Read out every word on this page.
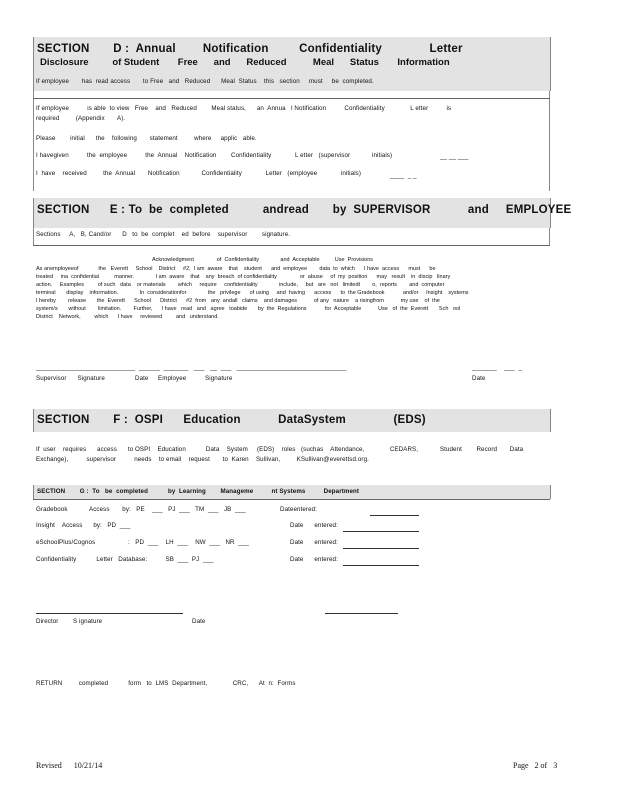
SECTION       D :  Annual        Notification         Confidentiality              Letter
Disclosure         of Student       Free      and      Reduced          Meal      Status       Information
If employee       has  read access       to Free   and   Reduced      Meal  Status    this   section     must     be  completed.
If employee          is able  to view   Free    and   Reduced        Meal status,      an  Annua   l Notification          Confidentiality              L etter          is
required         (Appendix       A).
Please        initial      the    following       statement         where     applic   able.
I havegiven          the  employee          the  Annual    Notification        Confidentiality             L etter   (supervisor            initials)	__ __ ___
I  have    received         the  Annual       Notification            Confidentiality             Letter   (employee             initials)	____  _ _
SECTION      E : To  be  completed          andread       by  SUPERVISOR           and     EMPLOYEE
Sections     A,   B, Cand/or      D   to  be  complet    ed  before    supervisor        signature.
Acknowledgment               of  Confidentiality              and  Acceptable          Use  Provisions
As anemployeeof             the   Everett     School    District     #2,  I am  aware    that    student      and  employee        data  to  which      I have  access      must      be
treated     ina  confidential          manner.              I am  aware    that    any  breach  of confidentiality               or  abuse     of  my  position      may   result    in  discip   linary
action.     Examples         of such   data    or materials        which     require     confidentiality              include,     but   are   not   limitedt        o,  reports        and  computer
terminal       display    information.              In  considerationfor              the   privilege      of using     and  having      access      to  the Gradebook            and/or     Insight    systems
I hereby        release       the  Everett      School      District      #2  from   any  andall   claims    and damages           of any   nature    a risingfrom           my use    of  the
system/s       without        limitation.        Further,      I have   read   and   agree   toabide       by  the  Regulations            for  Acceptable           Use   of  the  Everett       Sch   ool
District    Network,         which      I have     reviewed         and   understand.
____________________________  ______  _______   ___   __  ___   _______________________________	_______    ___  _
Supervisor      Signature	Date Employee	Signature	Date
SECTION       F :  OSPI      Education           DataSystem              (EDS)
If  user    requires      access      to OSPI    Education           Data    System     (EDS)    roles   (suchas    Attendance,              CEDARS,            Student        Record       Data
Exchange),          supervisor          needs    to email    request       to  Karen    Sullivan,         KSullivan@everettsd.org.
SECTION        G :  To   be  completed           by  Learning        Manageme          nt Systems          Department
Gradebook            Access       by:   PE    ___   PJ  ___   TM  ___   JB  ___	Dateentered:
Insight    Access      by:   PD  ___	Date      entered:
eSchoolPlus/Cognos                  :   PD  ___    LH  ___    NW  ___   NR  ___	Date      entered:
Confidentiality           Letter   Database:          SB  ___  PJ  ___	Date      entered:
Director        S ignature	Date
RETURN         completed           form   to  LMS  Department,              CRC,      At  n:  Forms
Revised      10/21/14	Page   2 of   3
